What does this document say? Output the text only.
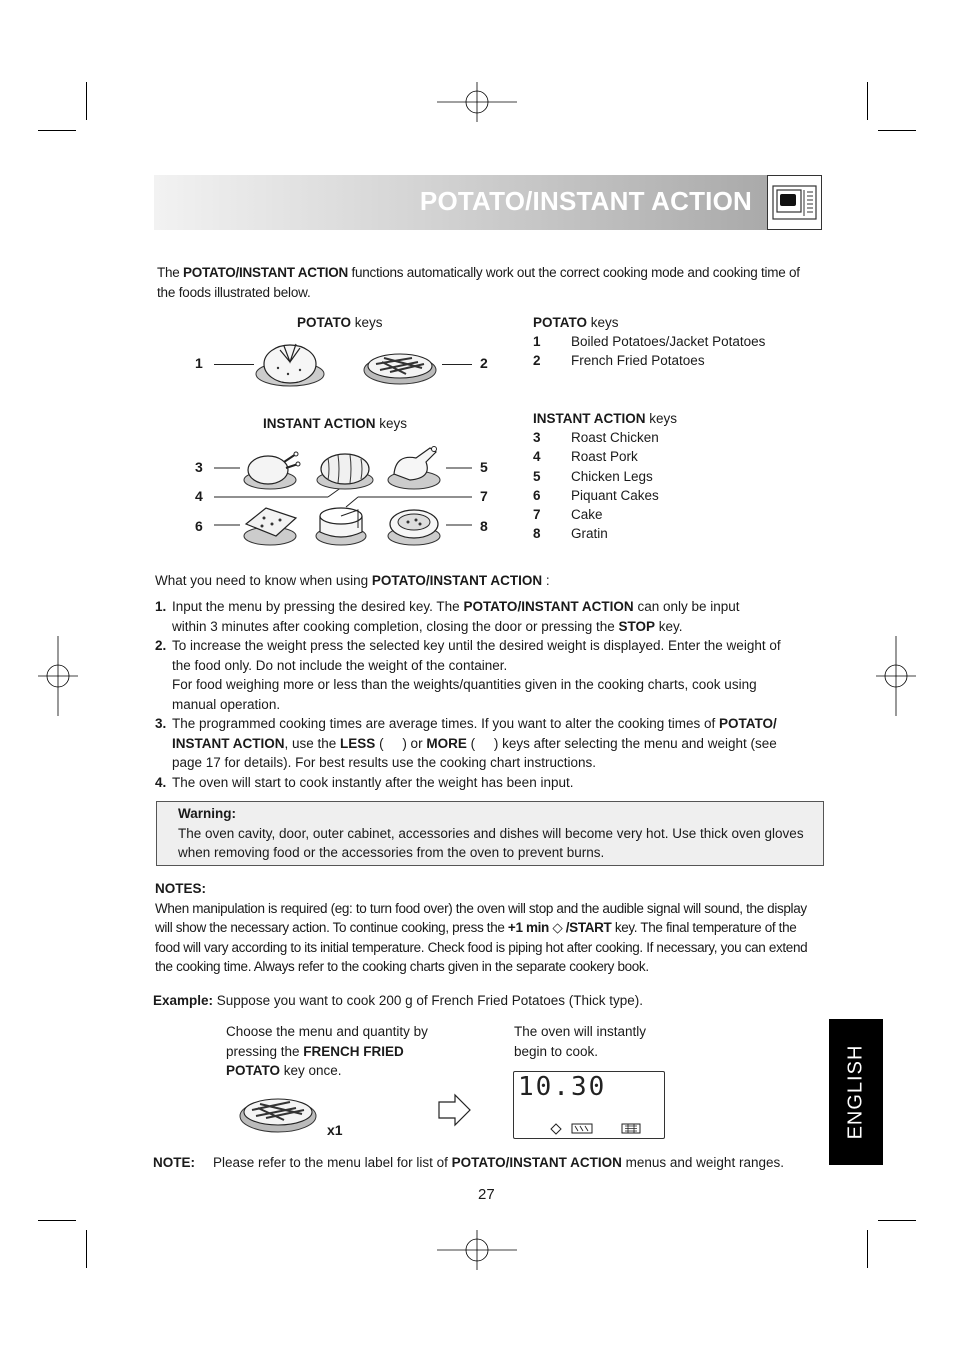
POTATO/INSTANT ACTION
The POTATO/INSTANT ACTION functions automatically work out the correct cooking mode and cooking time of
the foods illustrated below.
POTATO keys
1	2
INSTANT ACTION keys
3
4
6
5
7
8
POTATO keys
1	Boiled Potatoes/Jacket Potatoes
2	French Fried Potatoes
INSTANT ACTION keys
3	Roast Chicken
4	Roast Pork
5	Chicken Legs
6	Piquant Cakes
7	Cake
8	Gratin
What you need to know when using POTATO/INSTANT ACTION :
1. Input the menu by pressing the desired key. The POTATO/INSTANT ACTION can only be input
within 3 minutes after cooking completion, closing the door or pressing the STOP key.
2. To increase the weight press the selected key until the desired weight is displayed. Enter the weight of
the food only. Do not include the weight of the container.
For food weighing more or less than the weights/quantities given in the cooking charts, cook using
manual operation.
3. The programmed cooking times are average times. If you want to alter the cooking times of POTATO/
INSTANT ACTION, use the LESS (     ) or MORE (     ) keys after selecting the menu and weight (see
page 17 for details). For best results use the cooking chart instructions.
4. The oven will start to cook instantly after the weight has been input.
Warning:
The oven cavity, door, outer cabinet, accessories and dishes will become very hot. Use thick oven gloves
when removing food or the accessories from the oven to prevent burns.
NOTES:
When manipulation is required (eg: to turn food over) the oven will stop and the audible signal will sound, the display
will show the necessary action. To continue cooking, press the +1 min ◇ /START key. The final temperature of the
food will vary according to its initial temperature. Check food is piping hot after cooking. If necessary, you can extend
the cooking time. Always refer to the cooking charts given in the separate cookery book.
Example: Suppose you want to cook 200 g of French Fried Potatoes (Thick type).
Choose the menu and quantity by
pressing the FRENCH FRIED
POTATO key once.
x1
The oven will instantly
begin to cook.
10.30
NOTE: Please refer to the menu label for list of POTATO/INSTANT ACTION menus and weight ranges.
27
ENGLISH
